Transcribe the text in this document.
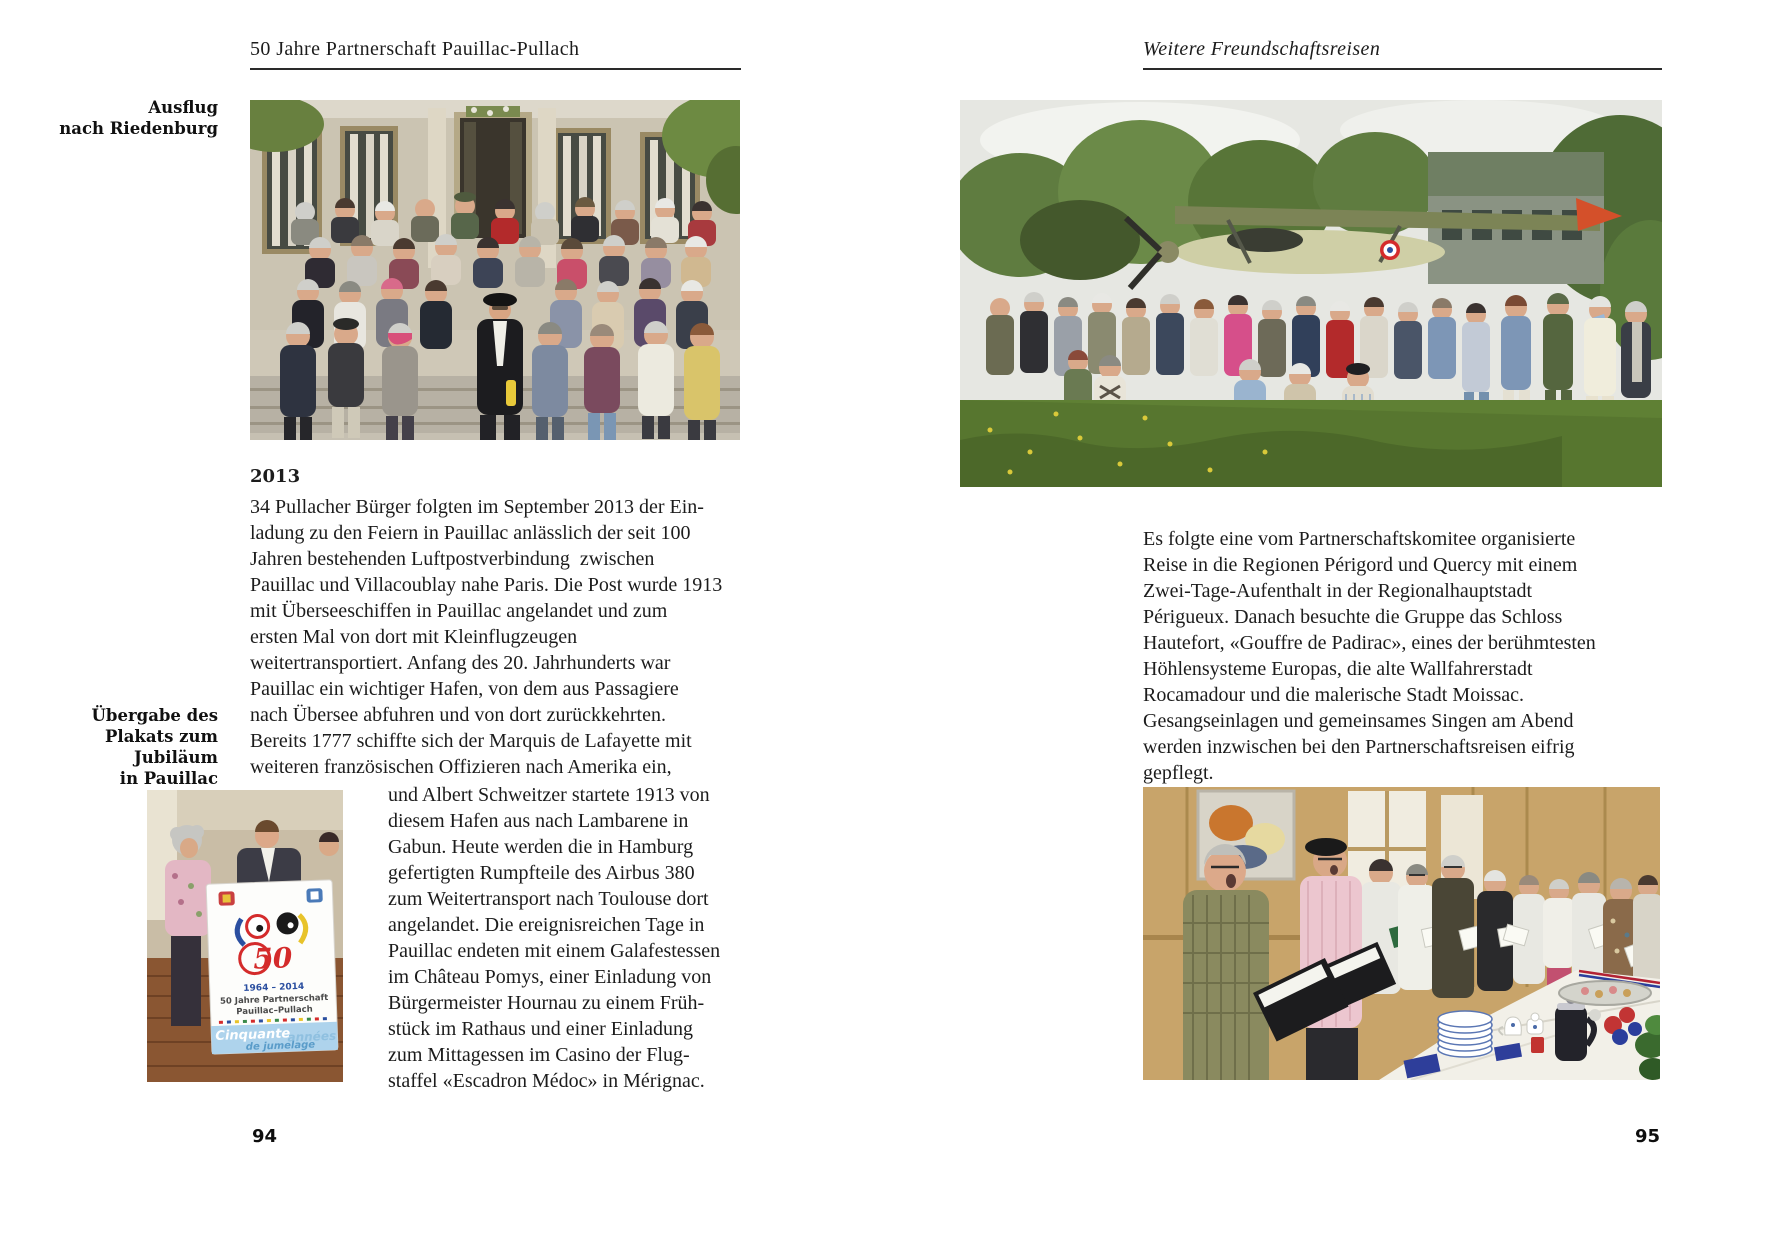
50 Jahre Partnerschaft Pauillac-Pullach
Ausflug
nach Riedenburg
2013
34 Pullacher Bürger folgten im September 2013 der Ein-
ladung zu den Feiern in Pauillac anlässlich der seit 100
Jahren bestehenden Luftpostverbindung  zwischen
Pauillac und Villacoublay nahe Paris. Die Post wurde 1913
mit Überseeschiffen in Pauillac angelandet und zum
ersten Mal von dort mit Kleinflugzeugen
weitertransportiert. Anfang des 20. Jahrhunderts war
Pauillac ein wichtiger Hafen, von dem aus Passagiere
nach Übersee abfuhren und von dort zurückkehrten.
Bereits 1777 schiffte sich der Marquis de Lafayette mit
weiteren französischen Offizieren nach Amerika ein,
Übergabe des
Plakats zum Jubiläum
in Pauillac
50
1964 – 2014
50 Jahre Partnerschaft
Pauillac–Pullach
Cinquante
années
de jumelage
und Albert Schweitzer startete 1913 von
diesem Hafen aus nach Lambarene in
Gabun. Heute werden die in Hamburg
gefertigten Rumpfteile des Airbus 380
zum Weitertransport nach Toulouse dort
angelandet. Die ereignisreichen Tage in
Pauillac endeten mit einem Galafestessen
im Château Pomys, einer Einladung von
Bürgermeister Hournau zu einem Früh-
stück im Rathaus und einer Einladung
zum Mittagessen im Casino der Flug-
staffel «Escadron Médoc» in Mérignac.
94
Weitere Freundschaftsreisen
Es folgte eine vom Partnerschaftskomitee organisierte
Reise in die Regionen Périgord und Quercy mit einem
Zwei-Tage-Aufenthalt in der Regionalhauptstadt
Périgueux. Danach besuchte die Gruppe das Schloss
Hautefort, «Gouffre de Padirac», eines der berühmtesten
Höhlensysteme Europas, die alte Wallfahrerstadt
Rocamadour und die malerische Stadt Moissac.
Gesangseinlagen und gemeinsames Singen am Abend
werden inzwischen bei den Partnerschaftsreisen eifrig
gepflegt.
95
